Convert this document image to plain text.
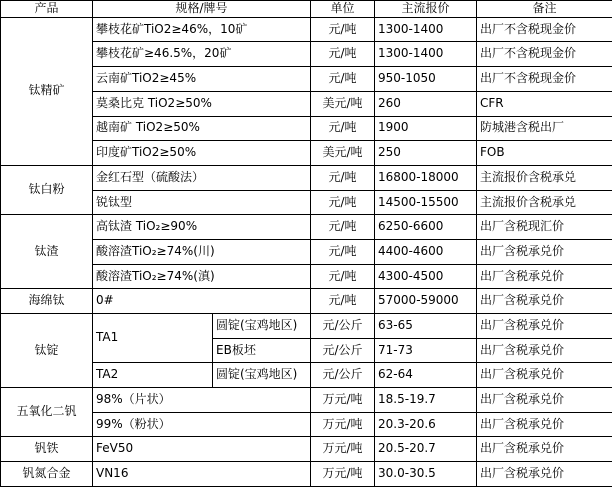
产品	规格/牌号		单位	主流报价	备注
钛精矿	攀枝花矿TiO2≥46%，10矿		元/吨	1300-1400	出厂不含税现金价
	攀枝花矿≥46.5%，20矿		元/吨	1300-1400	出厂不含税现金价
	云南矿TiO2≥45%		元/吨	950-1050	出厂不含税现金价
	莫桑比克 TiO2≥50%		美元/吨	260	CFR
	越南矿 TiO2≥50%		元/吨	1900	防城港含税出厂
	印度矿TiO2≥50%		美元/吨	250	FOB
钛白粉	金红石型（硫酸法）		元/吨	16800-18000	主流报价含税承兑
	锐钛型		元/吨	14500-15500	主流报价含税承兑
钛渣	高钛渣 TiO₂≥90%		元/吨	6250-6600	出厂含税现汇价
	酸溶渣TiO₂≥74%(川)		元/吨	4400-4600	出厂含税承兑价
	酸溶渣TiO₂≥74%(滇)		元/吨	4300-4500	出厂含税承兑价
海绵钛	0#		元/吨	57000-59000	出厂含税承兑价
钛锭	TA1	圆锭(宝鸡地区)	元/公斤	63-65	出厂含税承兑价
		EB板坯	元/公斤	71-73	出厂含税承兑价
	TA2	圆锭(宝鸡地区)	元/公斤	62-64	出厂含税承兑价
五氧化二钒	98%（片状）		万元/吨	18.5-19.7	出厂含税承兑价
	99%（粉状）		万元/吨	20.3-20.6	出厂含税承兑价
钒铁	FeV50		万元/吨	20.5-20.7	出厂含税承兑价
钒氮合金	VN16		万元/吨	30.0-30.5	出厂含税承兑价
